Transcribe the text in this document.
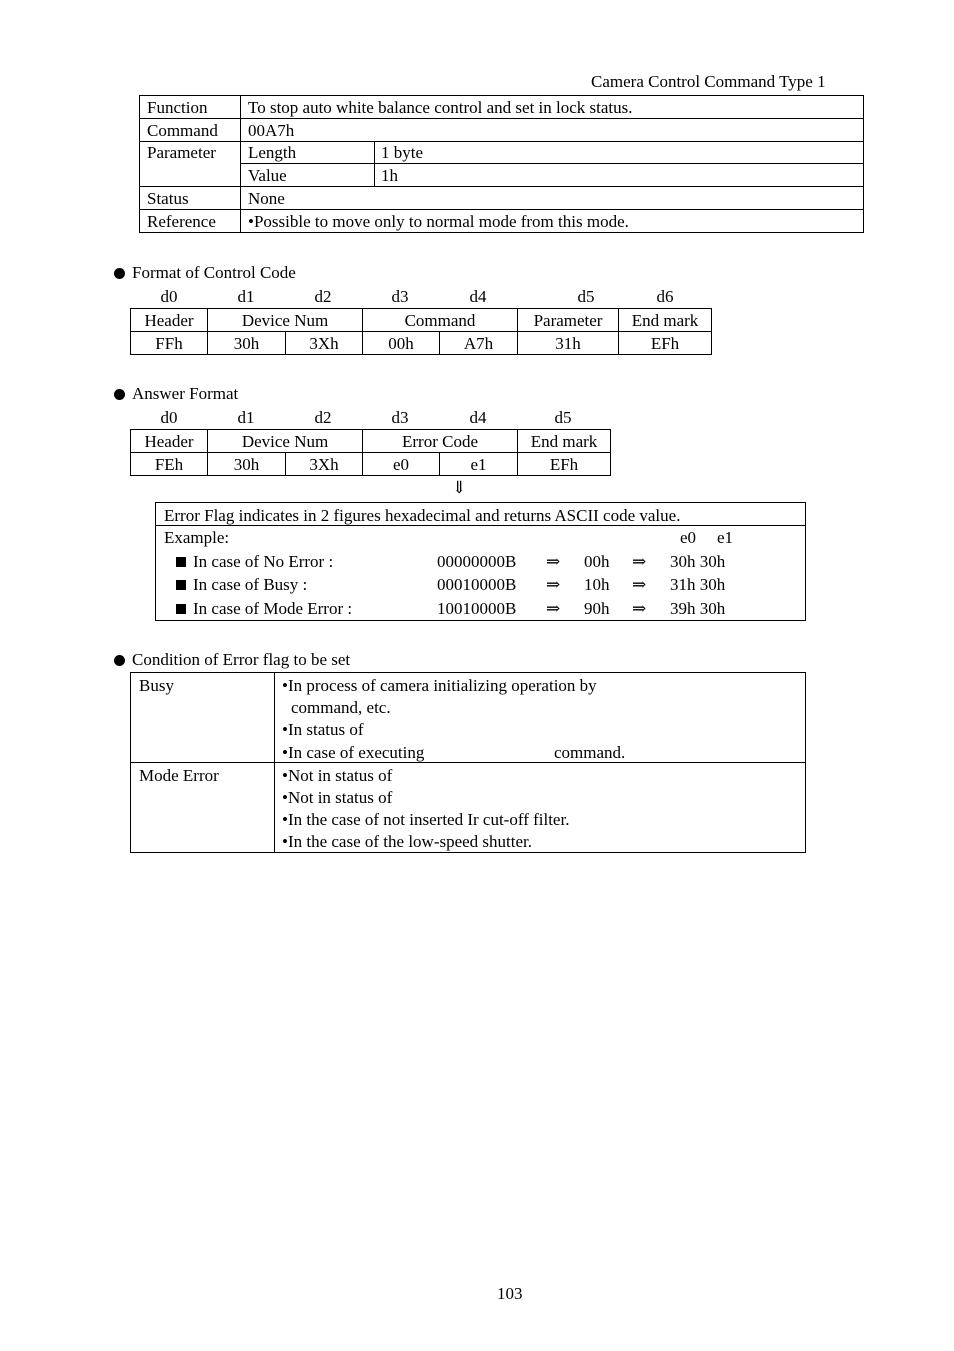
Camera Control Command Type 1
Function	To stop auto white balance control and set in lock status.	
Command	00A7h	
Parameter	Length	1 byte
	Value	1h
Status	None	
Reference	•Possible to move only to normal mode from this mode.	
Format of Control Code
d0	d1	d2	d3	d4	d5	d6
Header	Device Num		Command		Parameter	End mark
FFh	30h	3Xh	00h	A7h	31h	EFh
Answer Format
d0	d1	d2	d3	d4	d5
Header	Device Num		Error Code		End mark
FEh	30h	3Xh	e0	e1	EFh
⇓
Error Flag indicates in 2 figures hexadecimal and returns ASCII code value.
Example:	e0 e1
In case of No Error :	00000000B ⇒ 00h ⇒ 30h 30h
In case of Busy :	00010000B ⇒ 10h ⇒ 31h 30h
In case of Mode Error :	10010000B ⇒ 90h ⇒ 39h 30h
Condition of Error flag to be set
Busy	•In process of camera initializing operation by
command, etc.
•In status of
•In case of executing	command.
Mode Error	•Not in status of
•Not in status of
•In the case of not inserted Ir cut-off filter.
•In the case of the low-speed shutter.
103
